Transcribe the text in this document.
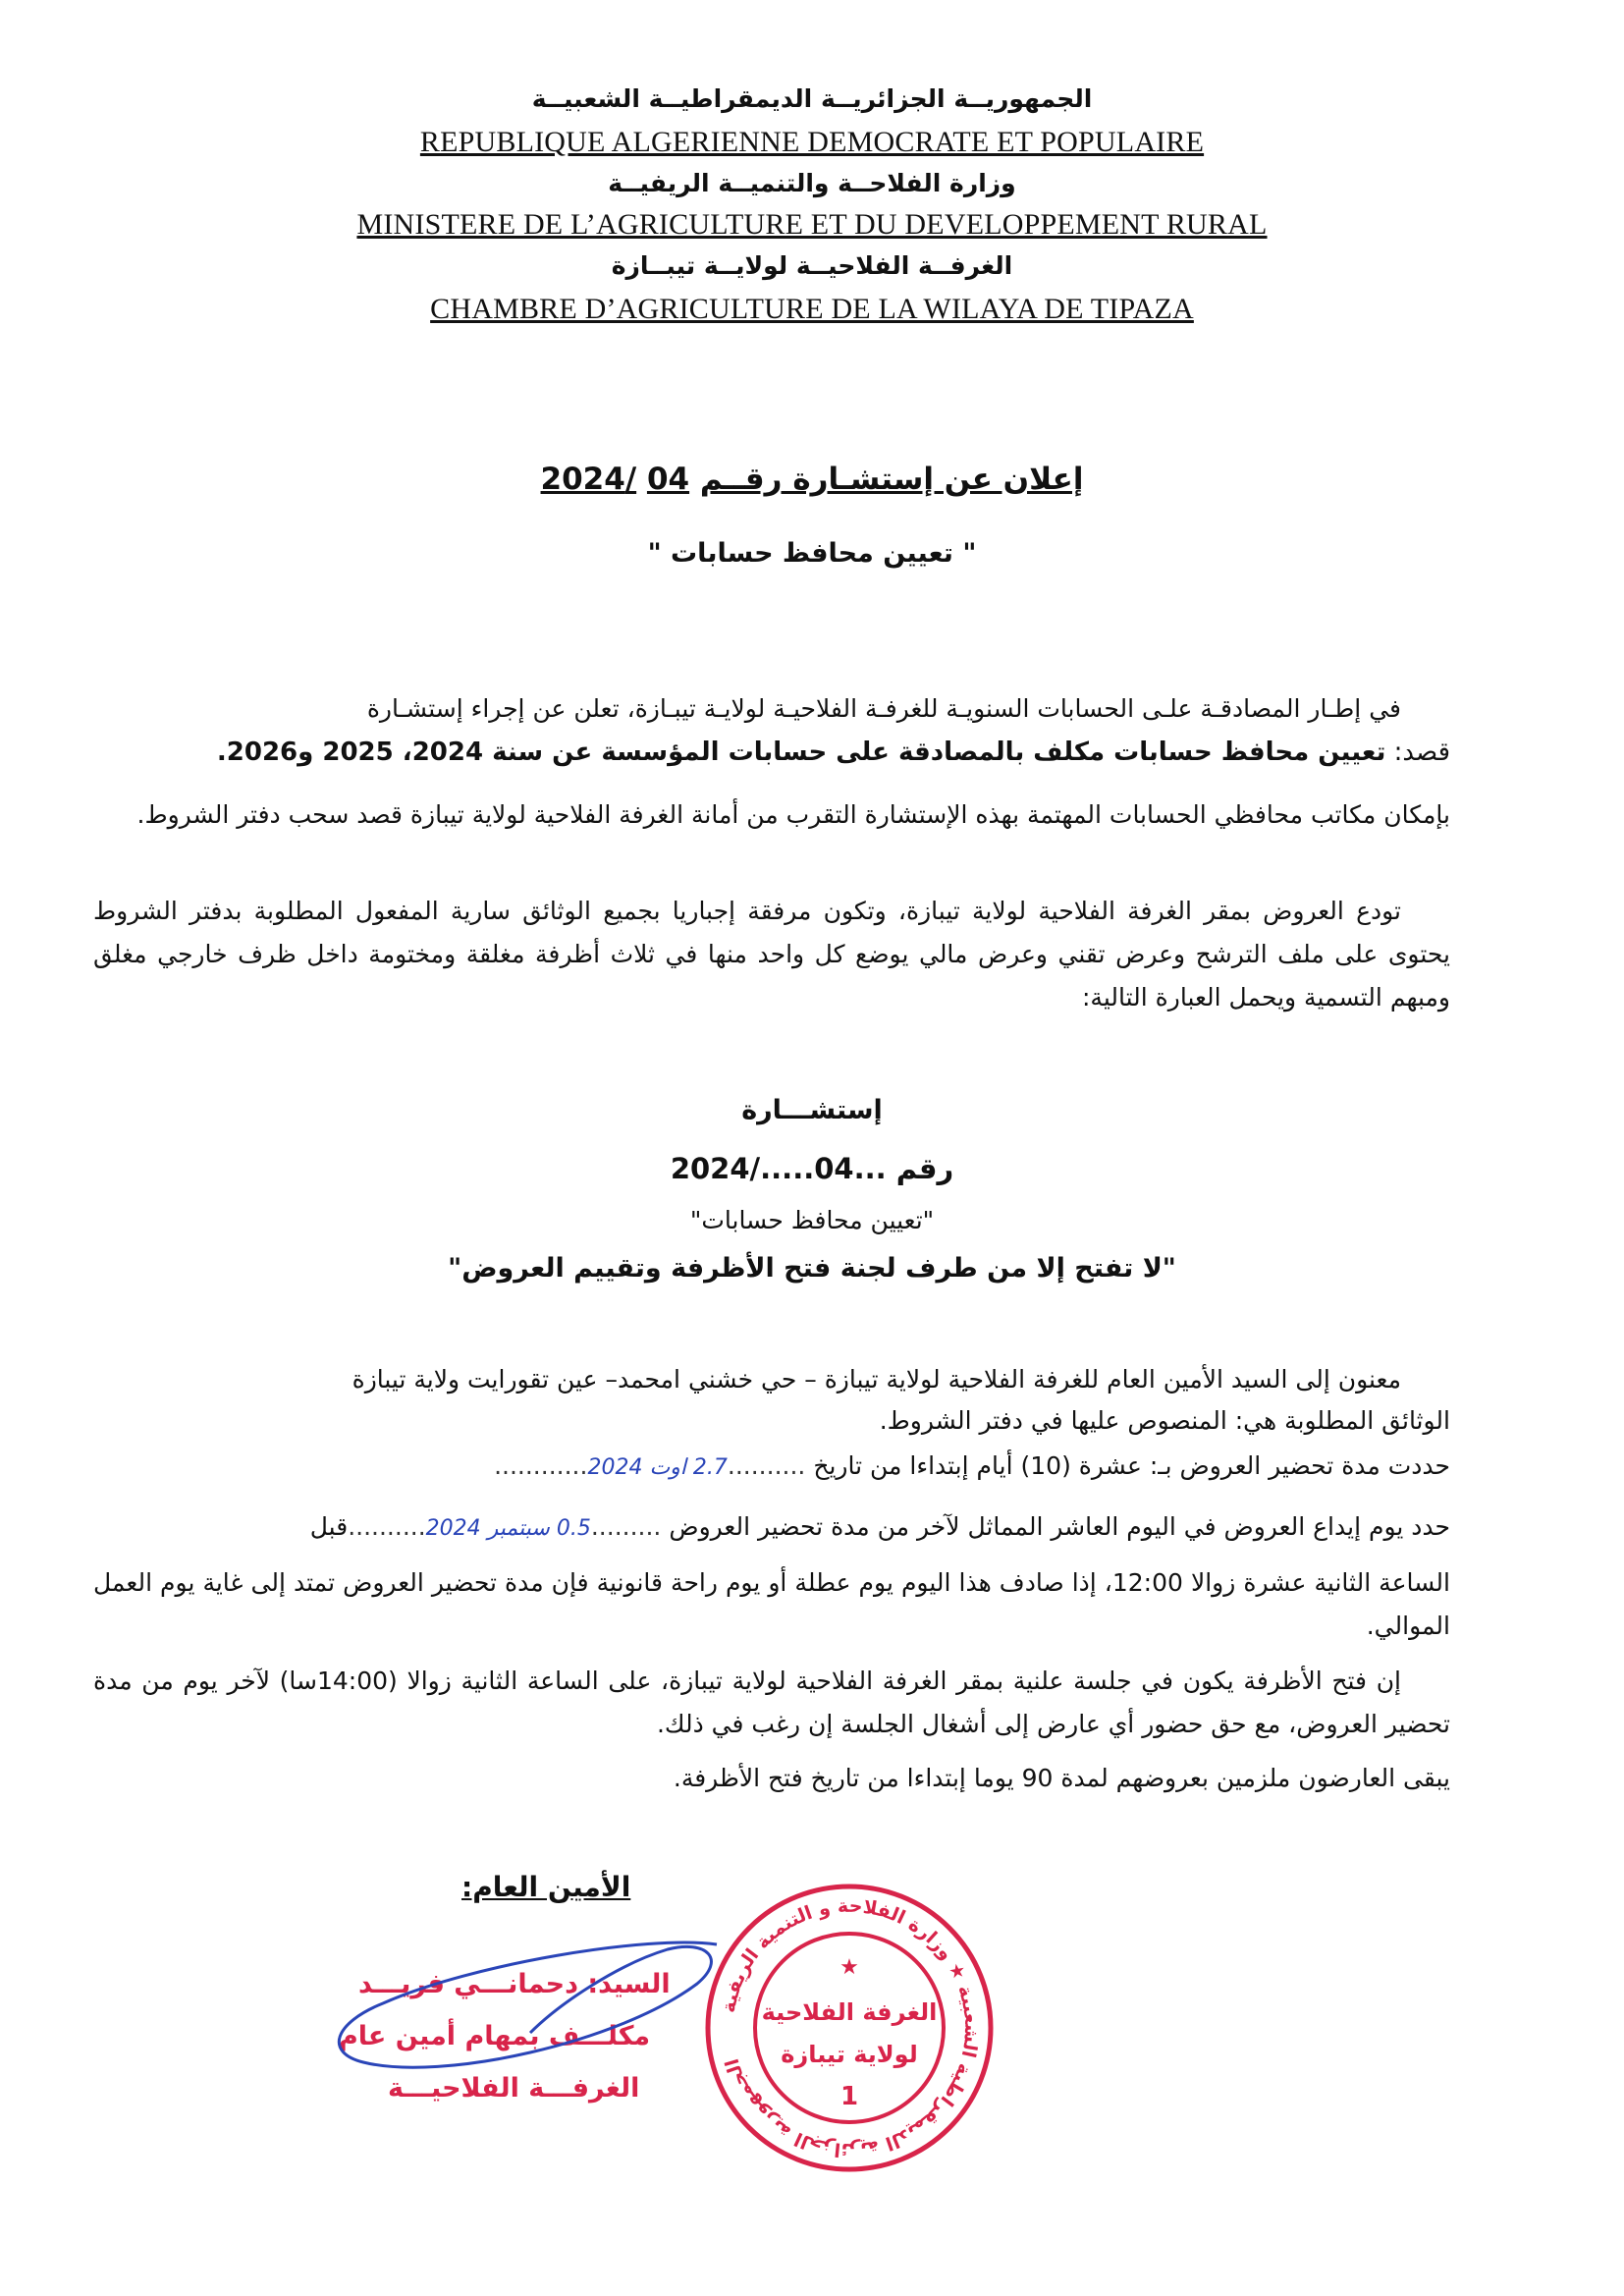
الجمهوريــة الجزائريــة الديمقراطيــة الشعبيــة
REPUBLIQUE ALGERIENNE DEMOCRATE ET POPULAIRE
وزارة الفلاحــة والتنميــة الريفيــة
MINISTERE DE L’AGRICULTURE ET DU DEVELOPPEMENT RURAL
الغرفــة الفلاحيــة لولايــة تيبــازة
CHAMBRE D’AGRICULTURE DE LA WILAYA DE TIPAZA
إعلان عن إستشـارة رقــم 04 /2024
" تعيين محافظ حسابات "
في إطـار المصادقـة علـى الحسابات السنويـة للغرفـة الفلاحيـة لولايـة تيبـازة، تعلن عن إجراء إستشـارة
قصد: تعيين محافظ حسابات مكلف بالمصادقة على حسابات المؤسسة عن سنة 2024، 2025 و2026.
بإمكان مكاتب محافظي الحسابات المهتمة بهذه الإستشارة التقرب من أمانة الغرفة الفلاحية لولاية تيبازة قصد سحب دفتر الشروط.
تودع العروض بمقر الغرفة الفلاحية لولاية تيبازة، وتكون مرفقة إجباريا بجميع الوثائق سارية المفعول المطلوبة بدفتر الشروط يحتوى على ملف الترشح وعرض تقني وعرض مالي يوضع كل واحد منها في ثلاث أظرفة مغلقة ومختومة داخل ظرف خارجي مغلق ومبهم التسمية ويحمل العبارة التالية:
إستشـــارة
رقم ...04...../2024
"تعيين محافظ حسابات"
"لا تفتح إلا من طرف لجنة فتح الأظرفة وتقييم العروض"
معنون إلى السيد الأمين العام للغرفة الفلاحية لولاية تيبازة – حي خشني امحمد– عين تقورايت ولاية تيبازة
الوثائق المطلوبة هي: المنصوص عليها في دفتر الشروط.
حددت مدة تحضير العروض بـ: عشرة (10) أيام إبتداءا من تاريخ ..........2.7 اوت 2024............
حدد يوم إيداع العروض في اليوم العاشر المماثل لآخر من مدة تحضير العروض .........0.5 سبتمبر 2024..........قبل
الساعة الثانية عشرة زوالا 12:00، إذا صادف هذا اليوم يوم عطلة أو يوم راحة قانونية فإن مدة تحضير العروض تمتد إلى غاية يوم العمل الموالي.
إن فتح الأظرفة يكون في جلسة علنية بمقر الغرفة الفلاحية لولاية تيبازة، على الساعة الثانية زوالا (14:00سا) لآخر يوم من مدة تحضير العروض، مع حق حضور أي عارض إلى أشغال الجلسة إن رغب في ذلك.
يبقى العارضون ملزمين بعروضهم لمدة 90 يوما إبتداءا من تاريخ فتح الأظرفة.
الأمين العام:
السيد: دحمانـــي فريـــد
مكلـــف بمهام أمين عام
الغرفـــة الفلاحيـــة
الجمهورية الجزائرية الديمقراطية الشعبية ★ وزارة الفلاحة و التنمية الريفية
★
الغرفة الفلاحية
لولاية تيبازة
1
